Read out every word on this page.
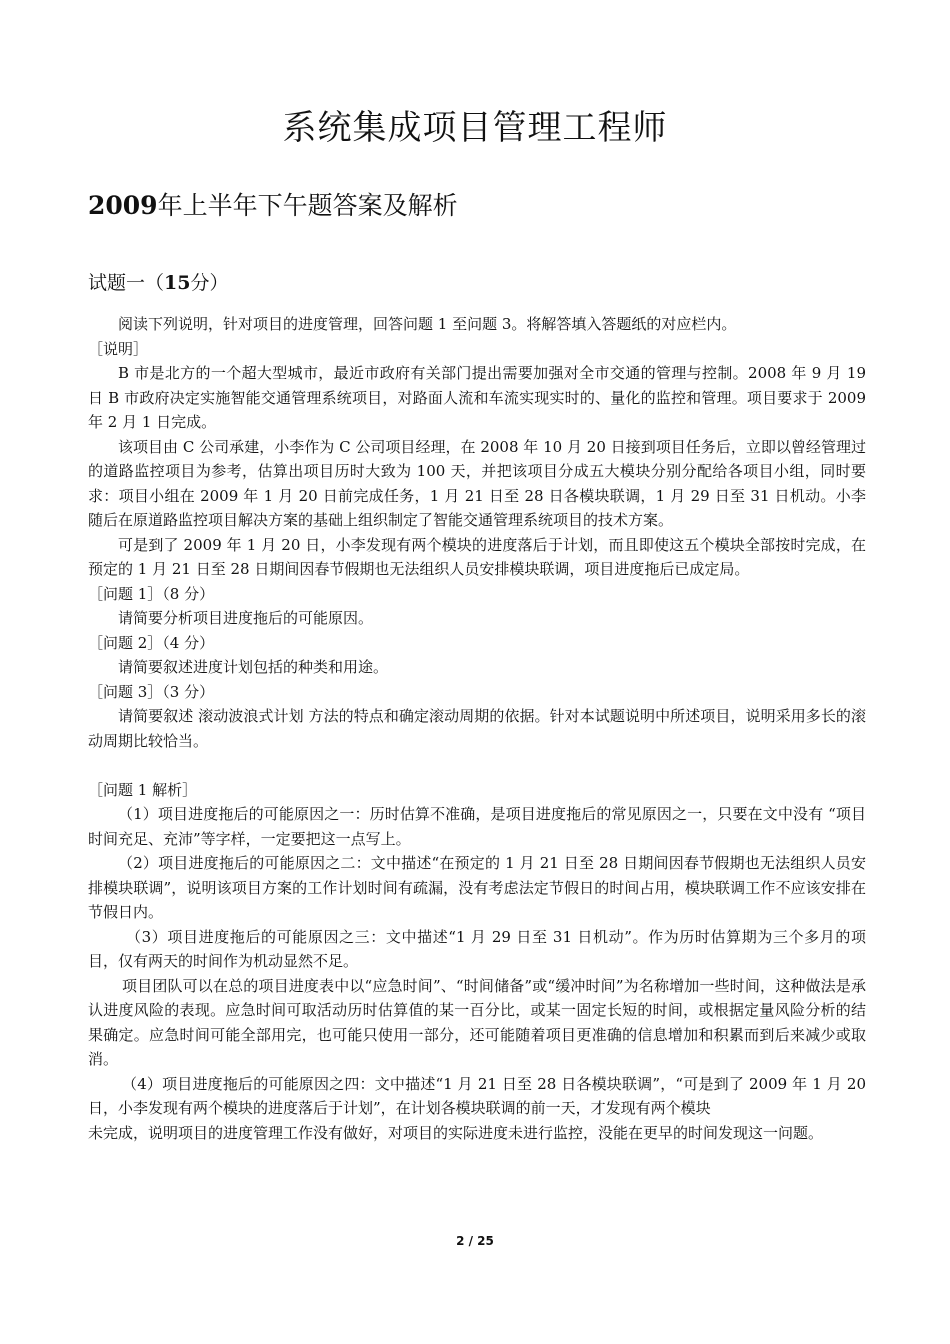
系统集成项目管理工程师
2009年上半年下午题答案及解析
试题一（15分）

阅读下列说明，针对项目的进度管理，回答问题 1 至问题 3。将解答填入答题纸的对应栏内。

［说明］

B 市是北方的一个超大型城市，最近市政府有关部门提出需要加强对全市交通的管理与控制。2008 年 9 月 19 日 B 市政府决定实施智能交通管理系统项目，对路面人流和车流实现实时的、量化的监控和管理。项目要求于 2009 年 2 月 1 日完成。

该项目由 C 公司承建，小李作为 C 公司项目经理，在 2008 年 10 月 20 日接到项目任务后，立即以曾经管理过的道路监控项目为参考，估算出项目历时大致为 100 天，并把该项目分成五大模块分别分配给各项目小组，同时要求：项目小组在 2009 年 1 月 20 日前完成任务，1 月 21 日至 28 日各模块联调，1 月 29 日至 31 日机动。小李随后在原道路监控项目解决方案的基础上组织制定了智能交通管理系统项目的技术方案。

可是到了 2009 年 1 月 20 日，小李发现有两个模块的进度落后于计划，而且即使这五个模块全部按时完成，在预定的 1 月 21 日至 28 日期间因春节假期也无法组织人员安排模块联调，项目进度拖后已成定局。

［问题 1］（8 分）

请简要分析项目进度拖后的可能原因。

［问题 2］（4 分）

请简要叙述进度计划包括的种类和用途。

［问题 3］（3 分）

请简要叙述 滚动波浪式计划 方法的特点和确定滚动周期的依据。针对本试题说明中所述项目，说明采用多长的滚动周期比较恰当。

［问题 1 解析］

（1）项目进度拖后的可能原因之一：历时估算不准确，是项目进度拖后的常见原因之一，只要在文中没有 “项目时间充足、充沛”等字样，一定要把这一点写上。

（2）项目进度拖后的可能原因之二：文中描述“在预定的 1 月 21 日至 28 日期间因春节假期也无法组织人员安排模块联调”，说明该项目方案的工作计划时间有疏漏，没有考虑法定节假日的时间占用，模块联调工作不应该安排在节假日内。

（3）项目进度拖后的可能原因之三：文中描述“1 月 29 日至 31 日机动”。作为历时估算期为三个多月的项目，仅有两天的时间作为机动显然不足。

项目团队可以在总的项目进度表中以“应急时间”、“时间储备”或“缓冲时间”为名称增加一些时间，这种做法是承认进度风险的表现。应急时间可取活动历时估算值的某一百分比，或某一固定长短的时间，或根据定量风险分析的结果确定。应急时间可能全部用完，也可能只使用一部分，还可能随着项目更准确的信息增加和积累而到后来减少或取消。

（4）项目进度拖后的可能原因之四：文中描述“1 月 21 日至 28 日各模块联调”，“可是到了 2009 年 1 月 20 日，小李发现有两个模块的进度落后于计划”，在计划各模块联调的前一天，才发现有两个模块

未完成，说明项目的进度管理工作没有做好，对项目的实际进度未进行监控，没能在更早的时间发现这一问题。

2 / 25
